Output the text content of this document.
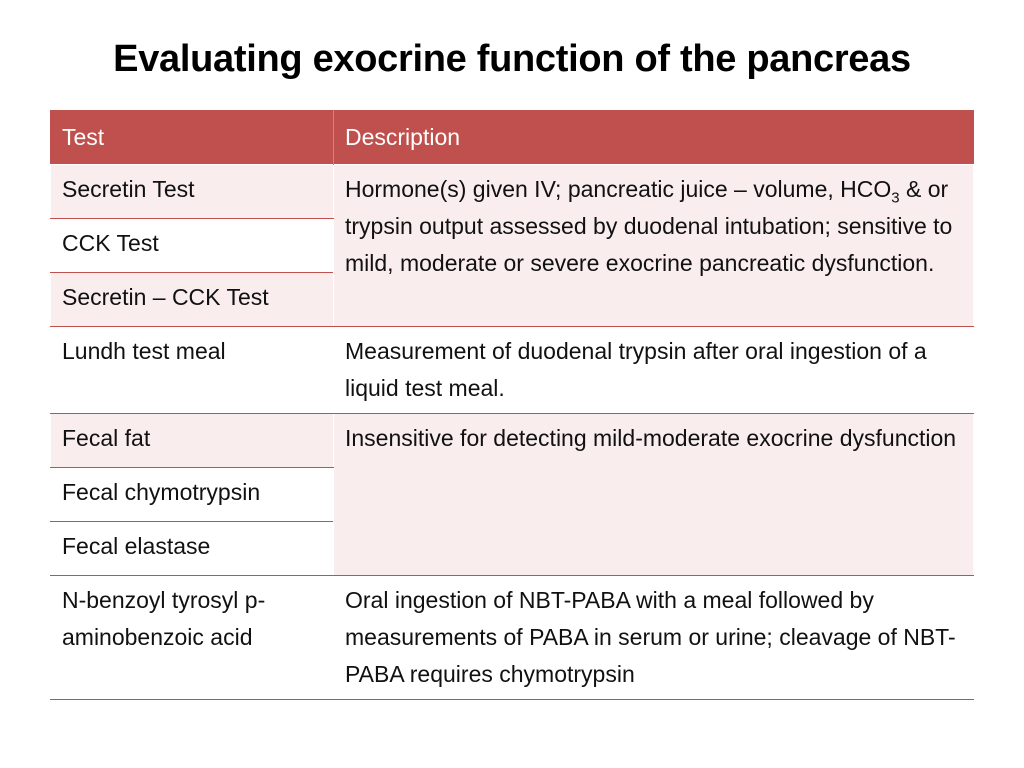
Evaluating exocrine function of the pancreas
Test	Description
Secretin Test	Hormone(s) given IV; pancreatic juice – volume, $HCO_3$ & or trypsin output assessed by duodenal intubation; sensitive to mild, moderate or severe exocrine pancreatic dysfunction.
CCK Test	
Secretin – CCK Test	
Lundh test meal	Measurement of duodenal trypsin after oral ingestion of a liquid test meal.
Fecal fat	Insensitive for detecting mild-moderate exocrine dysfunction
Fecal chymotrypsin	
Fecal elastase	
N-benzoyl tyrosyl p-aminobenzoic acid	Oral ingestion of NBT-PABA with a meal followed by measurements of PABA in serum or urine; cleavage of NBT-PABA requires chymotrypsin
